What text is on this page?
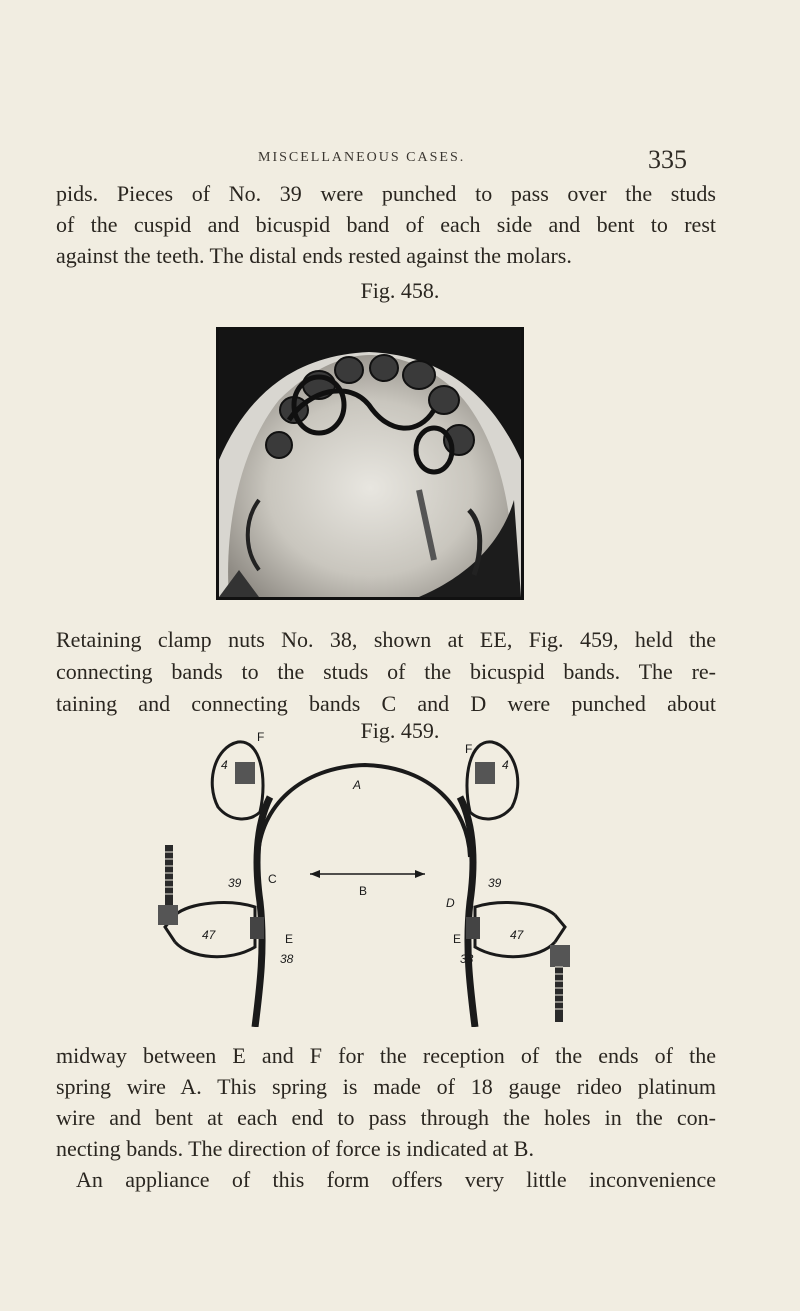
MISCELLANEOUS CASES.	335

pids. Pieces of No. 39 were punched to pass over the studs

of the cuspid and bicuspid band of each side and bent to rest

against the teeth. The distal ends rested against the molars.

Fig. 458.

Retaining clamp nuts No. 38, shown at EE, Fig. 459, held the

connecting bands to the studs of the bicuspid bands. The re-

taining and connecting bands C and D were punched about

Fig. 459.
A
B
C
D
E	E
F
F
4	4
47	47
39	39
38	38

midway between E and F for the reception of the ends of the

spring wire A. This spring is made of 18 gauge rideo platinum

wire and bent at each end to pass through the holes in the con-

necting bands. The direction of force is indicated at B.

An appliance of this form offers very little inconvenience
